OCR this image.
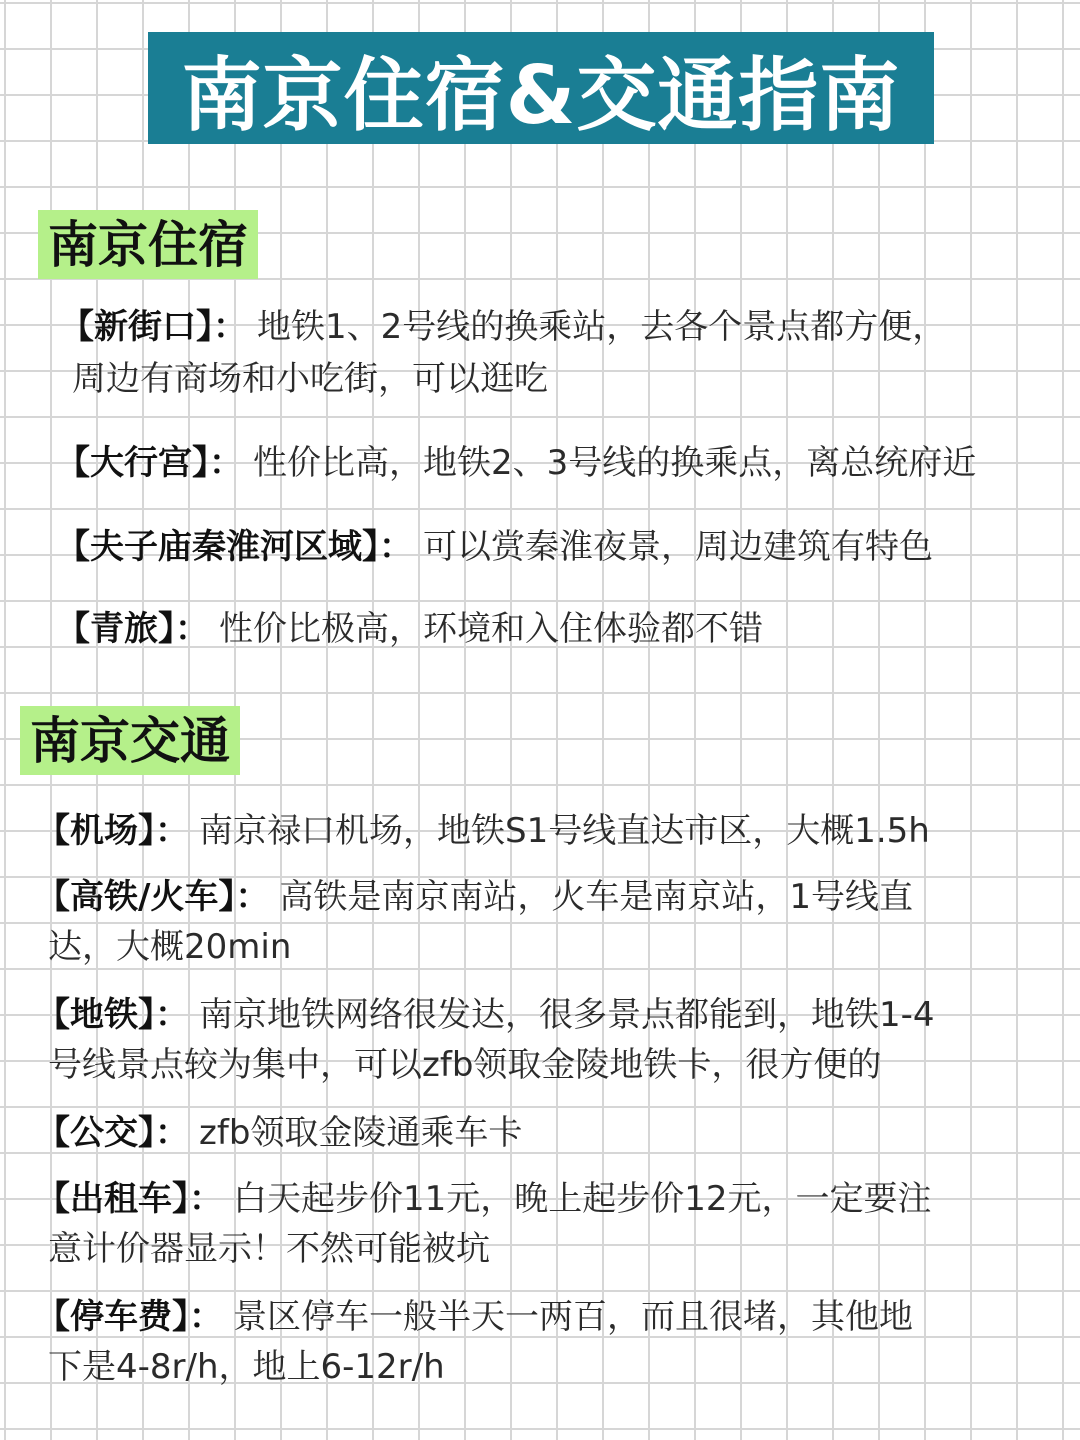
南京住宿&交通指南
南京住宿
【新街口】： 地铁1、2号线的换乘站，去各个景点都方便，
周边有商场和小吃街，可以逛吃
【大行宫】： 性价比高，地铁2、3号线的换乘点，离总统府近
【夫子庙秦淮河区域】： 可以赏秦淮夜景，周边建筑有特色
【青旅】： 性价比极高，环境和入住体验都不错
南京交通
【机场】： 南京禄口机场，地铁S1号线直达市区，大概1.5h
【高铁/火车】： 高铁是南京南站，火车是南京站，1号线直
达，大概20min
【地铁】： 南京地铁网络很发达，很多景点都能到，地铁1-4
号线景点较为集中，可以zfb领取金陵地铁卡，很方便的
【公交】： zfb领取金陵通乘车卡
【出租车】： 白天起步价11元，晚上起步价12元，一定要注
意计价器显示！不然可能被坑
【停车费】： 景区停车一般半天一两百，而且很堵，其他地
下是4-8r/h，地上6-12r/h
